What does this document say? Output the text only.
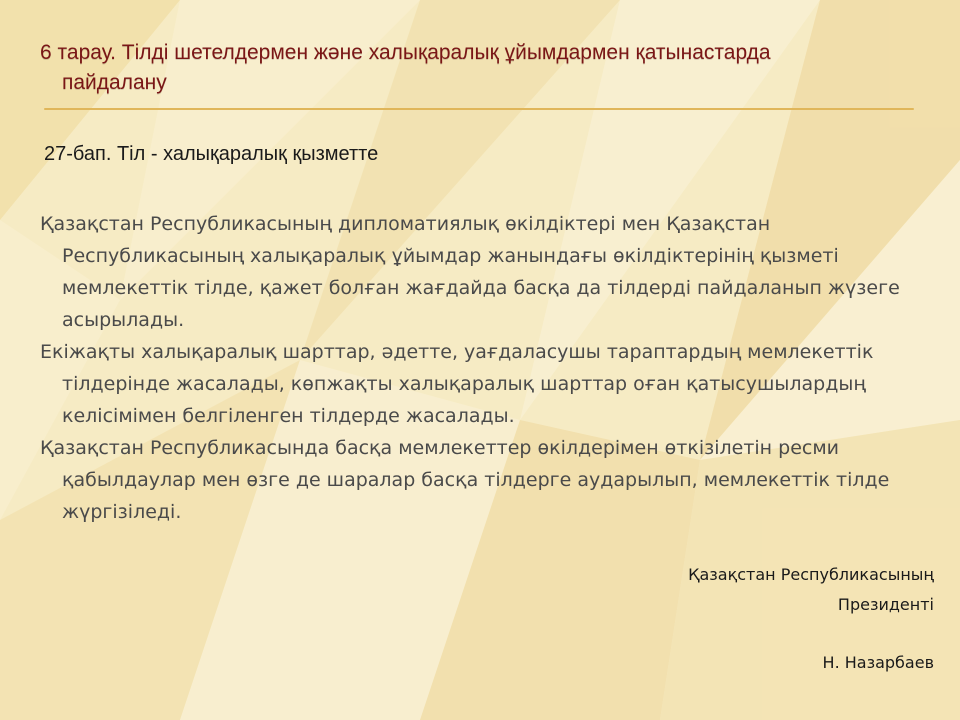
6 тарау. Тілді шетелдермен және халықаралық ұйымдармен қатынастарда
пайдалану
27-бап. Тіл - халықаралық қызметте

Қазақстан Республикасының дипломатиялық өкілдіктері мен Қазақстан Республикасының халықаралық ұйымдар жанындағы өкілдіктерінің қызметі мемлекеттік тілде, қажет болған жағдайда басқа да тілдерді пайдаланып жүзеге асырылады.

Екіжақты халықаралық шарттар, әдетте, уағдаласушы тараптардың мемлекеттік тілдерінде жасалады, көпжақты халықаралық шарттар оған қатысушылардың келісімімен белгіленген тілдерде жасалады.

Қазақстан Республикасында басқа мемлекеттер өкілдерімен өткізілетін ресми қабылдаулар мен өзге де шаралар басқа тілдерге аударылып, мемлекеттік тілде жүргізіледі.

Қазақстан Республикасының
Президенті
Н. Назарбаев
